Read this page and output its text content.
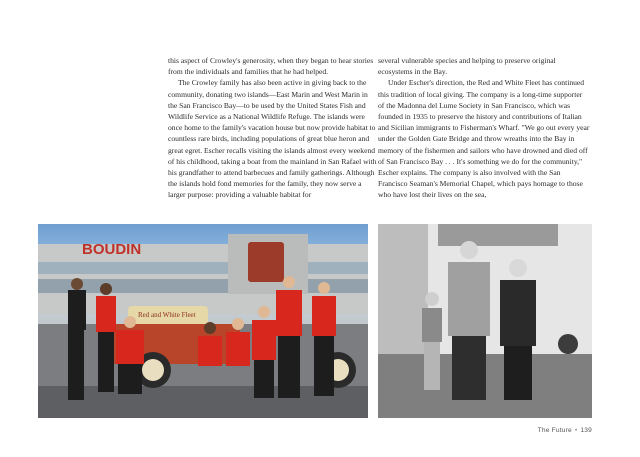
this aspect of Crowley's generosity, when they began to hear stories from the individuals and families that he had helped.

The Crowley family has also been active in giving back to the community, donating two islands—East Marin and West Marin in the San Francisco Bay—to be used by the United States Fish and Wildlife Service as a National Wildlife Refuge. The islands were once home to the family's vacation house but now provide habitat to countless rare birds, including populations of great blue heron and great egret. Escher recalls visiting the islands almost every weekend of his childhood, taking a boat from the mainland in San Rafael with his grandfather to attend barbecues and family gatherings. Although the islands hold fond memories for the family, they now serve a larger purpose: providing a valuable habitat for

several vulnerable species and helping to preserve original ecosystems in the Bay.

Under Escher's direction, the Red and White Fleet has continued this tradition of local giving. The company is a long-time supporter of the Madonna del Lume Society in San Francisco, which was founded in 1935 to preserve the history and contributions of Italian and Sicilian immigrants to Fisherman's Wharf. "We go out every year under the Golden Gate Bridge and throw wreaths into the Bay in memory of the fishermen and sailors who have drowned and died off of San Francisco Bay . . . It's something we do for the community," Escher explains. The company is also involved with the San Francisco Seaman's Memorial Chapel, which pays homage to those who have lost their lives on the sea,

BOUDIN
Red and White Fleet
The Future • 139
